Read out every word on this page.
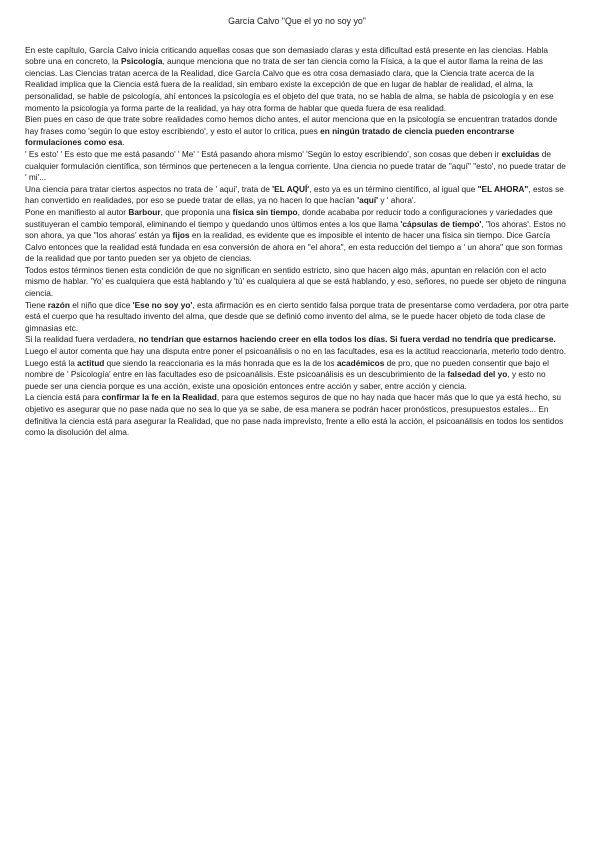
García Calvo "Que el yo no soy yo"

En este capítulo, García Calvo inicia criticando aquellas cosas que son demasiado claras y esta dificultad está presente en las ciencias. Habla sobre una en concreto, la Psicología, aunque menciona que no trata de ser tan ciencia como la Física, a la que el autor llama la reina de las ciencias. Las Ciencias tratan acerca de la Realidad, dice García Calvo que es otra cosa demasiado clara, que la Ciencia trate acerca de la Realidad implica que la Ciencia está fuera de la realidad, sin embaro existe la excepción de que en lugar de hablar de realidad, el alma, la personalidad, se hable de psicología, ahí entonces la psicología es el objeto del que trata, no se habla de alma, se habla de psicología y en ese momento la psicología ya forma parte de la realidad, ya hay otra forma de hablar que queda fuera de esa realidad.

Bien pues en caso de que trate sobre realidades como hemos dicho antes, el autor menciona que en la psicología se encuentran tratados donde hay frases como 'según lo que estoy escribiendo', y esto el autor lo critica, pues en ningún tratado de ciencia pueden encontrarse formulaciones como esa.

' Es esto' ' Es esto que me está pasando' ' Me' ' Está pasando ahora mismo' 'Según lo estoy escribiendo', son cosas que deben ir excluidas de cualquier formulación científica, son términos que pertenecen a la lengua corriente. Una ciencia no puede tratar de "aquí" "esto', no puede tratar de ' mi'...

Una ciencia para tratar ciertos aspectos no trata de ' aquí', trata de 'EL AQUÍ', esto ya es un término científico, al igual que "EL AHORA", estos se han convertido en realidades, por eso se puede tratar de ellas, ya no hacen lo que hacían 'aquí' y ' ahora'.

Pone en manifiesto al autor Barbour, que proponía una física sin tiempo, donde acababa por reducir todo a configuraciones y variedades que sustituyeran el cambio temporal, eliminando el tiempo y quedando unos últimos entes a los que llama 'cápsulas de tiempo', "los ahoras'. Estos no son ahora, ya que "los ahoras' están ya fijos en la realidad, es evidente que es imposible el intento de hacer una física sin tiempo. Dice García Calvo entonces que la realidad está fundada en esa conversión de ahora en "el ahora", en esta reducción del tiempo a ' un ahora" que son formas de la realidad que por tanto pueden ser ya objeto de ciencias.

Todos estos términos tienen esta condición de que no significan en sentido estricto, sino que hacen algo más, apuntan en relación con el acto mismo de hablar. 'Yo' es cualquiera que está hablando y 'tú' es cualquiera al que se está hablando, y eso, señores, no puede ser objeto de ninguna ciencia.

Tiene razón el niño que dice 'Ese no soy yo', esta afirmación es en cierto sentido falsa porque trata de presentarse como verdadera, por otra parte está el cuerpo que ha resultado invento del alma, que desde que se definió como invento del alma, se le puede hacer objeto de toda clase de gimnasias etc.

Si la realidad fuera verdadera, no tendrían que estarnos haciendo creer en ella todos los días. Si fuera verdad no tendría que predicarse.

Luego el autor comenta que hay una disputa entre poner el psicoanálisis o no en las facultades, esa es la actitud reaccionaria, meterlo todo dentro.

Luego está la actitud que siendo la reaccionaria es la más honrada que es la de los académicos de pro, que no pueden consentir que bajo el nombre de ' Psicología' entre en las facultades eso de psicoanálisis. Este psicoanálisis es un descubrimiento de la falsedad del yo, y esto no puede ser una ciencia porque es una acción, existe una oposición entonces entre acción y saber, entre acción y ciencia.

La ciencia está para confirmar la fe en la Realidad, para que estemos seguros de que no hay nada que hacer más que lo que ya está hecho, su objetivo es asegurar que no pase nada que no sea lo que ya se sabe, de esa manera se podrán hacer pronósticos, presupuestos estales... En definitiva la ciencia está para asegurar la Realidad, que no pase nada imprevisto, frente a ello está la acción, el psicoanálisis en todos los sentidos como la disolución del alma.
